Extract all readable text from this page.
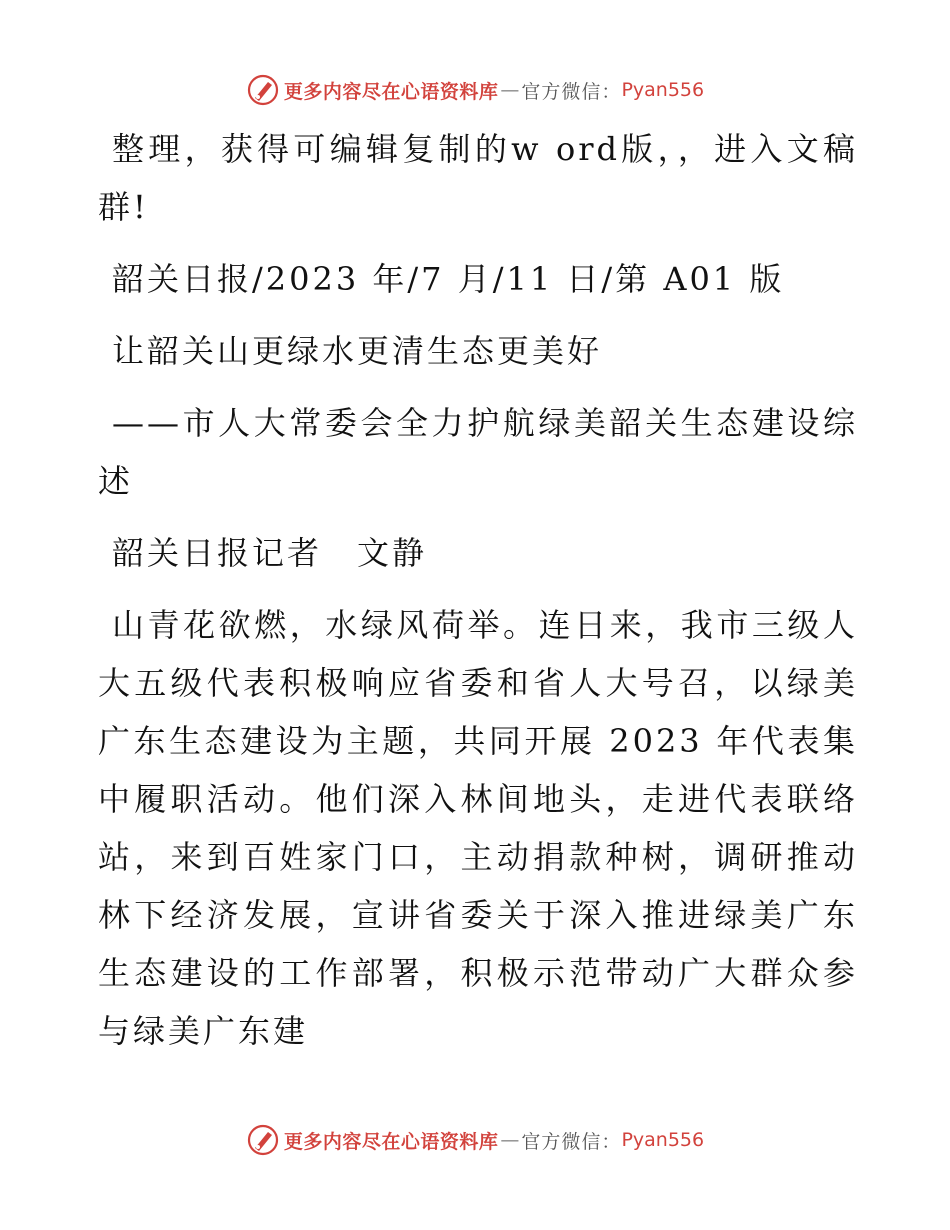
更多内容尽在心语资料库 — 官方微信： Pyan556

整理，获得可编辑复制的w ord版，，进入文稿群!

韶关日报/2023 年/7 月/11 日/第 A01 版

让韶关山更绿水更清生态更美好

——市人大常委会全力护航绿美韶关生态建设综述

韶关日报记者　文静

山青花欲燃，水绿风荷举。连日来，我市三级人大五级代表积极响应省委和省人大号召，以绿美广东生态建设为主题，共同开展 2023 年代表集中履职活动。他们深入林间地头，走进代表联络站，来到百姓家门口，主动捐款种树，调研推动林下经济发展，宣讲省委关于深入推进绿美广东生态建设的工作部署，积极示范带动广大群众参与绿美广东建

更多内容尽在心语资料库 — 官方微信： Pyan556
